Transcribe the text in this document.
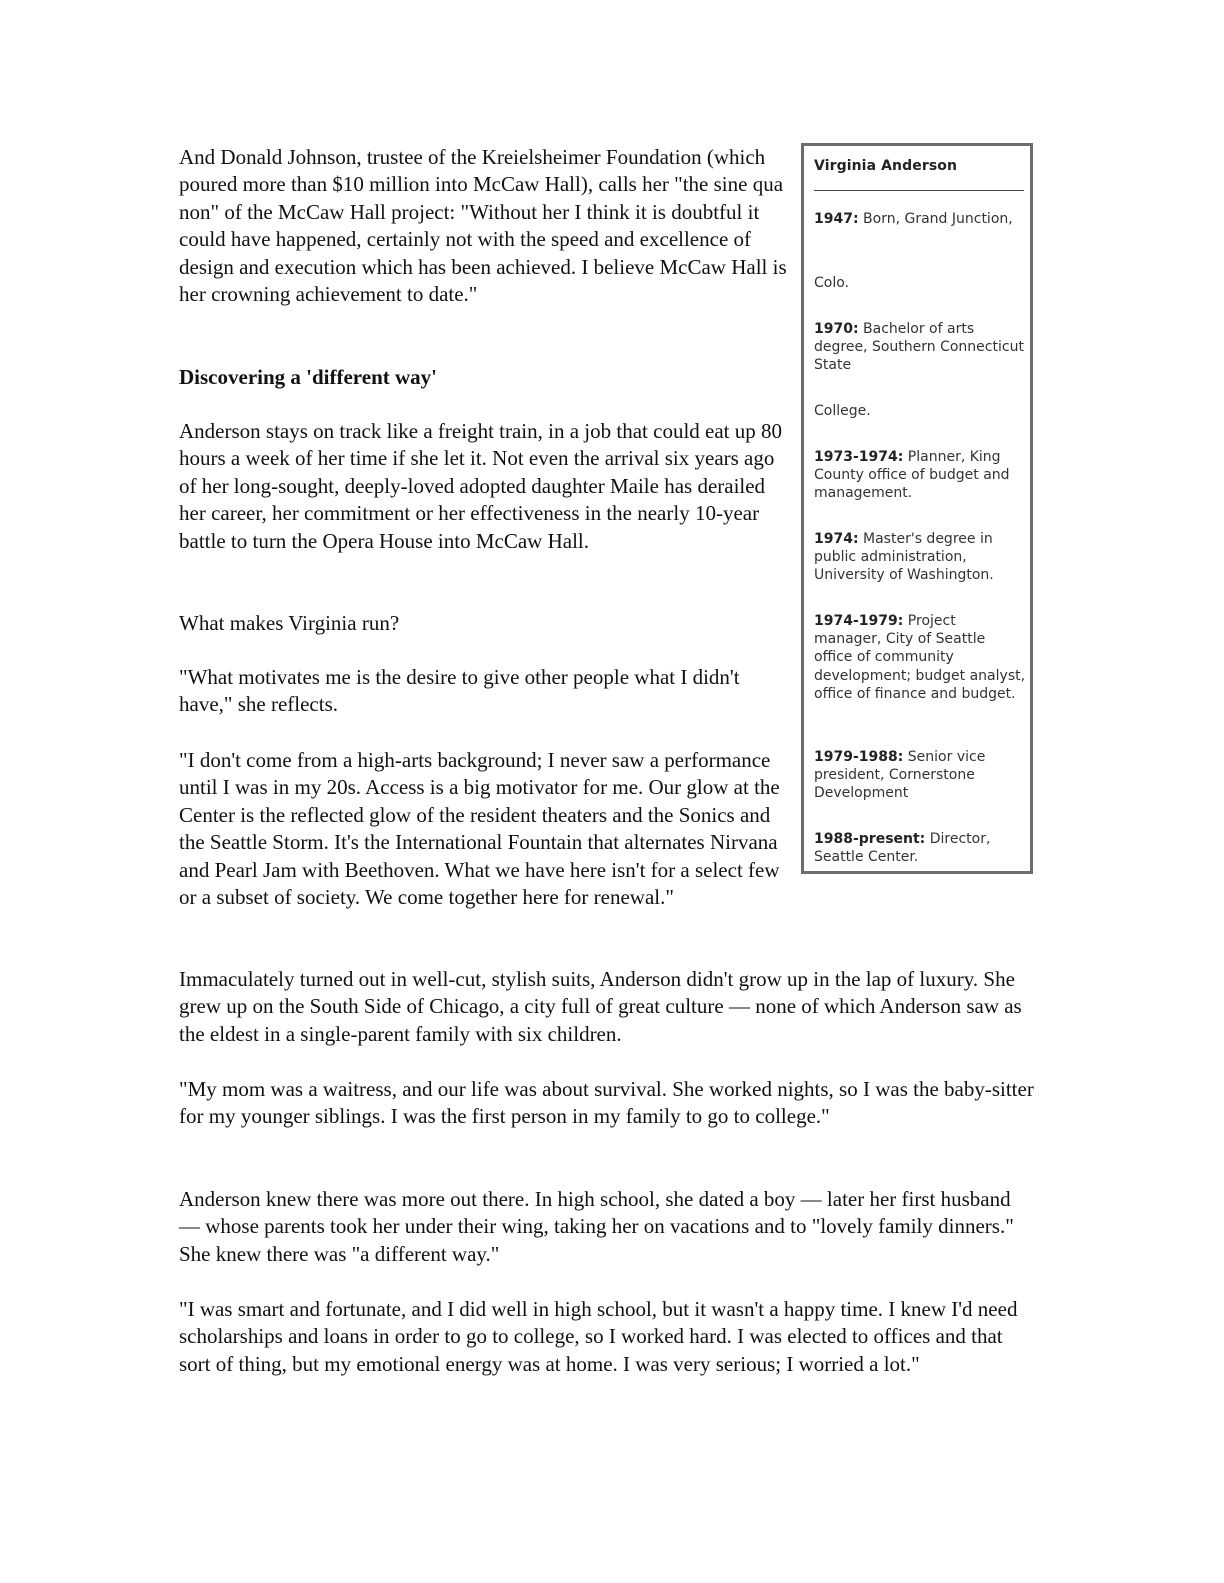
And Donald Johnson, trustee of the Kreielsheimer Foundation (which poured more than $10 million into McCaw Hall), calls her "the sine qua non" of the McCaw Hall project: "Without her I think it is doubtful it could have happened, certainly not with the speed and excellence of design and execution which has been achieved. I believe McCaw Hall is her crowning achievement to date."

Discovering a 'different way'

Anderson stays on track like a freight train, in a job that could eat up 80 hours a week of her time if she let it. Not even the arrival six years ago of her long-sought, deeply-loved adopted daughter Maile has derailed her career, her commitment or her effectiveness in the nearly 10-year battle to turn the Opera House into McCaw Hall.

What makes Virginia run?

"What motivates me is the desire to give other people what I didn't have," she reflects.

"I don't come from a high-arts background; I never saw a performance until I was in my 20s. Access is a big motivator for me. Our glow at the Center is the reflected glow of the resident theaters and the Sonics and the Seattle Storm. It's the International Fountain that alternates Nirvana and Pearl Jam with Beethoven. What we have here isn't for a select few or a subset of society. We come together here for renewal."

Immaculately turned out in well-cut, stylish suits, Anderson didn't grow up in the lap of luxury. She grew up on the South Side of Chicago, a city full of great culture — none of which Anderson saw as the eldest in a single-parent family with six children.

"My mom was a waitress, and our life was about survival. She worked nights, so I was the baby-sitter for my younger siblings. I was the first person in my family to go to college."

Anderson knew there was more out there. In high school, she dated a boy — later her first husband — whose parents took her under their wing, taking her on vacations and to "lovely family dinners." She knew there was "a different way."

"I was smart and fortunate, and I did well in high school, but it wasn't a happy time. I knew I'd need scholarships and loans in order to go to college, so I worked hard. I was elected to offices and that sort of thing, but my emotional energy was at home. I was very serious; I worried a lot."

Virginia Anderson

1947: Born, Grand Junction,

Colo.

1970: Bachelor of arts degree, Southern Connecticut State

College.

1973-1974: Planner, King County office of budget and management.

1974: Master's degree in public administration, University of Washington.

1974-1979: Project manager, City of Seattle office of community development; budget analyst, office of finance and budget.

1979-1988: Senior vice president, Cornerstone Development

1988-present: Director, Seattle Center.
